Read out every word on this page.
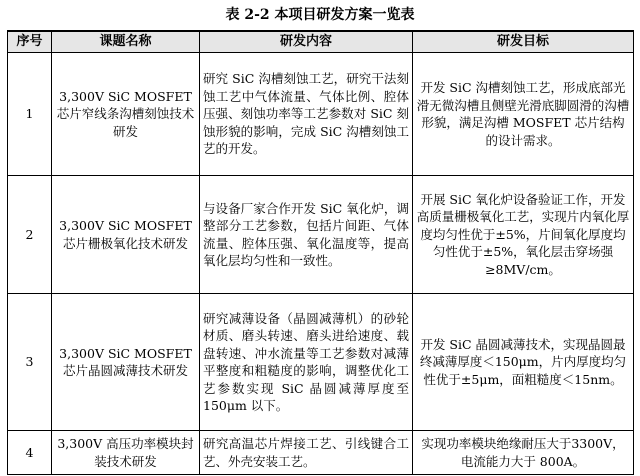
表 2-2 本项目研发方案一览表
序号	课题名称	研发内容	研发目标
1	3,300V SiC MOSFET 芯片窄线条沟槽刻蚀技术研发	研究 SiC 沟槽刻蚀工艺，研究干法刻蚀工艺中气体流量、气体比例、腔体压强、刻蚀功率等工艺参数对 SiC 刻蚀形貌的影响，完成 SiC 沟槽刻蚀工艺的开发。	开发 SiC 沟槽刻蚀工艺，形成底部光滑无微沟槽且侧壁光滑底脚圆滑的沟槽形貌，满足沟槽 MOSFET 芯片结构的设计需求。
2	3,300V SiC MOSFET 芯片栅极氧化技术研发	与设备厂家合作开发 SiC 氧化炉，调整部分工艺参数，包括片间距、气体流量、腔体压强、氧化温度等，提高氧化层均匀性和一致性。	开展 SiC 氧化炉设备验证工作，开发高质量栅极氧化工艺，实现片内氧化厚度均匀性优于±5%，片间氧化厚度均匀性优于±5%，氧化层击穿场强≥8MV/cm。
3	3,300V SiC MOSFET 芯片晶圆减薄技术研发	研究减薄设备（晶圆减薄机）的砂轮材质、磨头转速、磨头进给速度、载盘转速、冲水流量等工艺参数对减薄平整度和粗糙度的影响，调整优化工艺参数实现 SiC 晶圆减薄厚度至150μm 以下。	开发 SiC 晶圆减薄技术，实现晶圆最终减薄厚度＜150μm，片内厚度均匀性优于±5μm，面粗糙度＜15nm。
4	3,300V 高压功率模块封装技术研发	研究高温芯片焊接工艺、引线键合工艺、外壳安装工艺。	实现功率模块绝缘耐压大于3300V，电流能力大于 800A。
